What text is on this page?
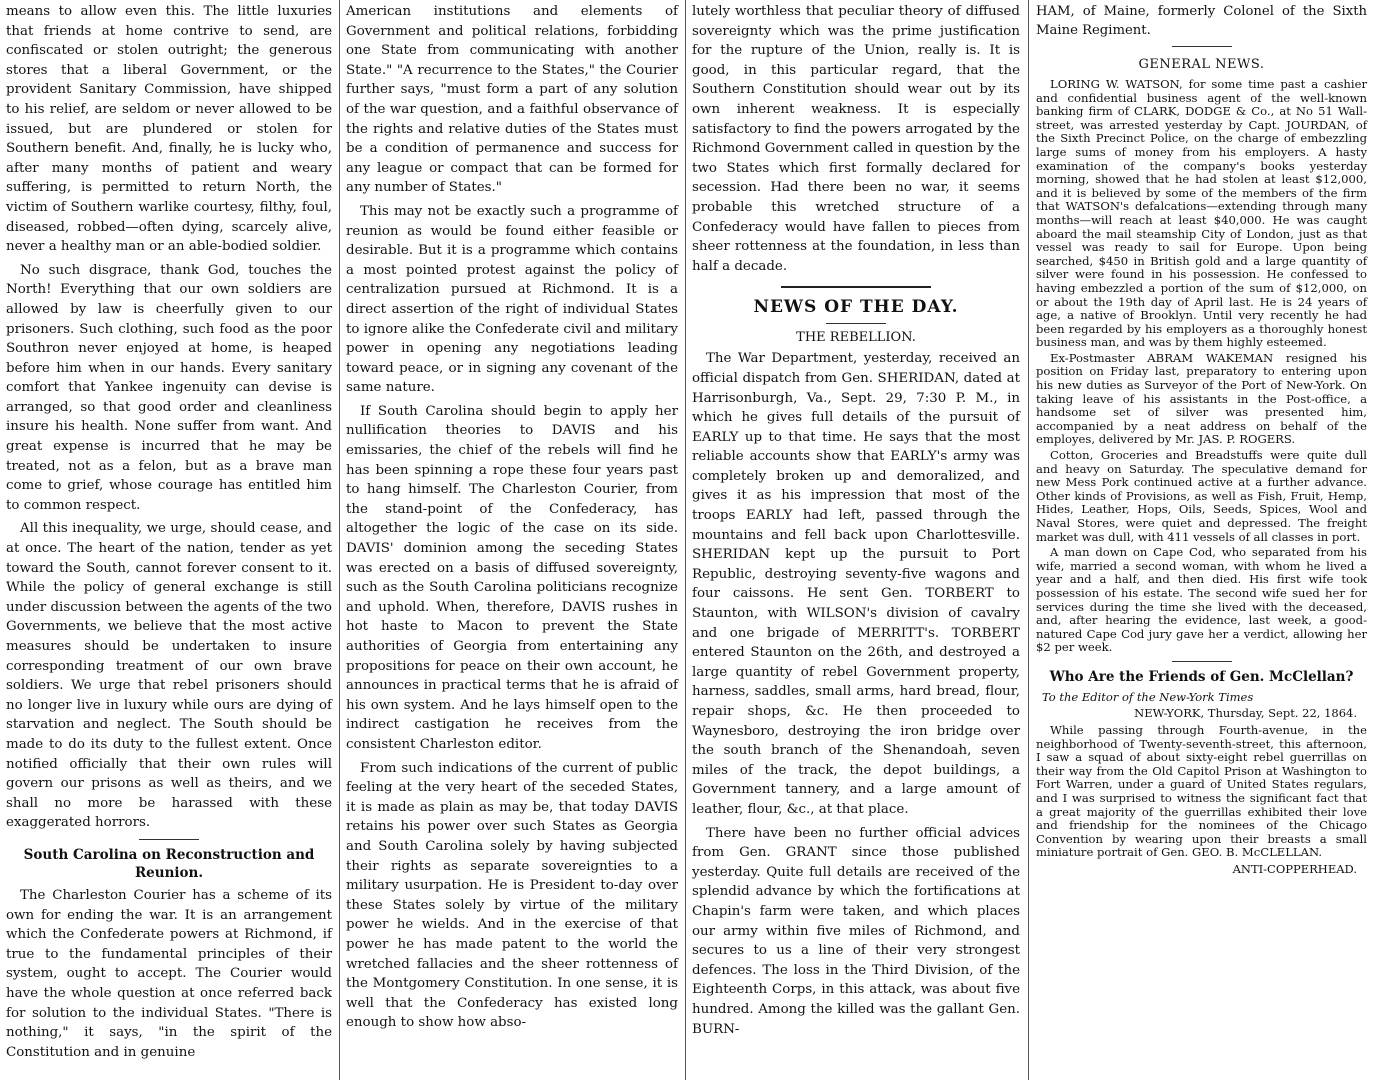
means to allow even this. The little luxuries that friends at home contrive to send, are confiscated or stolen outright; the generous stores that a liberal Government, or the provident Sanitary Commission, have shipped to his relief, are seldom or never allowed to be issued, but are plundered or stolen for Southern benefit. And, finally, he is lucky who, after many months of patient and weary suffering, is permitted to return North, the victim of Southern warlike courtesy, filthy, foul, diseased, robbed—often dying, scarcely alive, never a healthy man or an able-bodied soldier.

No such disgrace, thank God, touches the North! Everything that our own soldiers are allowed by law is cheerfully given to our prisoners. Such clothing, such food as the poor Southron never enjoyed at home, is heaped before him when in our hands. Every sanitary comfort that Yankee ingenuity can devise is arranged, so that good order and cleanliness insure his health. None suffer from want. And great expense is incurred that he may be treated, not as a felon, but as a brave man come to grief, whose courage has entitled him to common respect.

All this inequality, we urge, should cease, and at once. The heart of the nation, tender as yet toward the South, cannot forever consent to it. While the policy of general exchange is still under discussion between the agents of the two Governments, we believe that the most active measures should be undertaken to insure corresponding treatment of our own brave soldiers. We urge that rebel prisoners should no longer live in luxury while ours are dying of starvation and neglect. The South should be made to do its duty to the fullest extent. Once notified officially that their own rules will govern our prisons as well as theirs, and we shall no more be harassed with these exaggerated horrors.

South Carolina on Reconstruction and Reunion.

The Charleston Courier has a scheme of its own for ending the war. It is an arrangement which the Confederate powers at Richmond, if true to the fundamental principles of their system, ought to accept. The Courier would have the whole question at once referred back for solution to the individual States. "There is nothing," it says, "in the spirit of the Constitution and in genuine

American institutions and elements of Government and political relations, forbidding one State from communicating with another State." "A recurrence to the States," the Courier further says, "must form a part of any solution of the war question, and a faithful observance of the rights and relative duties of the States must be a condition of permanence and success for any league or compact that can be formed for any number of States."

This may not be exactly such a programme of reunion as would be found either feasible or desirable. But it is a programme which contains a most pointed protest against the policy of centralization pursued at Richmond. It is a direct assertion of the right of individual States to ignore alike the Confederate civil and military power in opening any negotiations leading toward peace, or in signing any covenant of the same nature.

If South Carolina should begin to apply her nullification theories to DAVIS and his emissaries, the chief of the rebels will find he has been spinning a rope these four years past to hang himself. The Charleston Courier, from the stand-point of the Confederacy, has altogether the logic of the case on its side. DAVIS' dominion among the seceding States was erected on a basis of diffused sovereignty, such as the South Carolina politicians recognize and uphold. When, therefore, DAVIS rushes in hot haste to Macon to prevent the State authorities of Georgia from entertaining any propositions for peace on their own account, he announces in practical terms that he is afraid of his own system. And he lays himself open to the indirect castigation he receives from the consistent Charleston editor.

From such indications of the current of public feeling at the very heart of the seceded States, it is made as plain as may be, that today DAVIS retains his power over such States as Georgia and South Carolina solely by having subjected their rights as separate sovereignties to a military usurpation. He is President to-day over these States solely by virtue of the military power he wields. And in the exercise of that power he has made patent to the world the wretched fallacies and the sheer rottenness of the Montgomery Constitution. In one sense, it is well that the Confederacy has existed long enough to show how abso-

lutely worthless that peculiar theory of diffused sovereignty which was the prime justification for the rupture of the Union, really is. It is good, in this particular regard, that the Southern Constitution should wear out by its own inherent weakness. It is especially satisfactory to find the powers arrogated by the Richmond Government called in question by the two States which first formally declared for secession. Had there been no war, it seems probable this wretched structure of a Confederacy would have fallen to pieces from sheer rottenness at the foundation, in less than half a decade.

NEWS OF THE DAY.
THE REBELLION.

The War Department, yesterday, received an official dispatch from Gen. SHERIDAN, dated at Harrisonburgh, Va., Sept. 29, 7:30 P. M., in which he gives full details of the pursuit of EARLY up to that time. He says that the most reliable accounts show that EARLY's army was completely broken up and demoralized, and gives it as his impression that most of the troops EARLY had left, passed through the mountains and fell back upon Charlottesville. SHERIDAN kept up the pursuit to Port Republic, destroying seventy-five wagons and four caissons. He sent Gen. TORBERT to Staunton, with WILSON's division of cavalry and one brigade of MERRITT's. TORBERT entered Staunton on the 26th, and destroyed a large quantity of rebel Government property, harness, saddles, small arms, hard bread, flour, repair shops, &c. He then proceeded to Waynesboro, destroying the iron bridge over the south branch of the Shenandoah, seven miles of the track, the depot buildings, a Government tannery, and a large amount of leather, flour, &c., at that place.

There have been no further official advices from Gen. GRANT since those published yesterday. Quite full details are received of the splendid advance by which the fortifications at Chapin's farm were taken, and which places our army within five miles of Richmond, and secures to us a line of their very strongest defences. The loss in the Third Division, of the Eighteenth Corps, in this attack, was about five hundred. Among the killed was the gallant Gen. BURN-

HAM, of Maine, formerly Colonel of the Sixth Maine Regiment.

GENERAL NEWS.

LORING W. WATSON, for some time past a cashier and confidential business agent of the well-known banking firm of CLARK, DODGE & Co., at No 51 Wall-street, was arrested yesterday by Capt. JOURDAN, of the Sixth Precinct Police, on the charge of embezzling large sums of money from his employers. A hasty examination of the company's books yesterday morning, showed that he had stolen at least $12,000, and it is believed by some of the members of the firm that WATSON's defalcations—extending through many months—will reach at least $40,000. He was caught aboard the mail steamship City of London, just as that vessel was ready to sail for Europe. Upon being searched, $450 in British gold and a large quantity of silver were found in his possession. He confessed to having embezzled a portion of the sum of $12,000, on or about the 19th day of April last. He is 24 years of age, a native of Brooklyn. Until very recently he had been regarded by his employers as a thoroughly honest business man, and was by them highly esteemed.

Ex-Postmaster ABRAM WAKEMAN resigned his position on Friday last, preparatory to entering upon his new duties as Surveyor of the Port of New-York. On taking leave of his assistants in the Post-office, a handsome set of silver was presented him, accompanied by a neat address on behalf of the employes, delivered by Mr. JAS. P. ROGERS.

Cotton, Groceries and Breadstuffs were quite dull and heavy on Saturday. The speculative demand for new Mess Pork continued active at a further advance. Other kinds of Provisions, as well as Fish, Fruit, Hemp, Hides, Leather, Hops, Oils, Seeds, Spices, Wool and Naval Stores, were quiet and depressed. The freight market was dull, with 411 vessels of all classes in port.

A man down on Cape Cod, who separated from his wife, married a second woman, with whom he lived a year and a half, and then died. His first wife took possession of his estate. The second wife sued her for services during the time she lived with the deceased, and, after hearing the evidence, last week, a good-natured Cape Cod jury gave her a verdict, allowing her $2 per week.

Who Are the Friends of Gen. McClellan?
To the Editor of the New-York Times
NEW-YORK, Thursday, Sept. 22, 1864.

While passing through Fourth-avenue, in the neighborhood of Twenty-seventh-street, this afternoon, I saw a squad of about sixty-eight rebel guerrillas on their way from the Old Capitol Prison at Washington to Fort Warren, under a guard of United States regulars, and I was surprised to witness the significant fact that a great majority of the guerrillas exhibited their love and friendship for the nominees of the Chicago Convention by wearing upon their breasts a small miniature portrait of Gen. GEO. B. McCLELLAN.

ANTI-COPPERHEAD.
